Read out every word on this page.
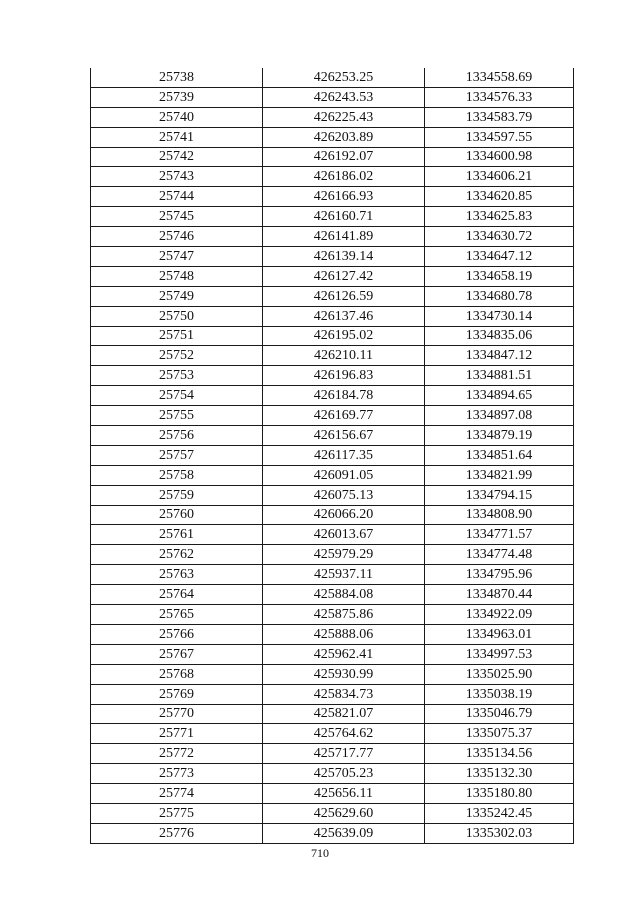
25738	426253.25	1334558.69
25739	426243.53	1334576.33
25740	426225.43	1334583.79
25741	426203.89	1334597.55
25742	426192.07	1334600.98
25743	426186.02	1334606.21
25744	426166.93	1334620.85
25745	426160.71	1334625.83
25746	426141.89	1334630.72
25747	426139.14	1334647.12
25748	426127.42	1334658.19
25749	426126.59	1334680.78
25750	426137.46	1334730.14
25751	426195.02	1334835.06
25752	426210.11	1334847.12
25753	426196.83	1334881.51
25754	426184.78	1334894.65
25755	426169.77	1334897.08
25756	426156.67	1334879.19
25757	426117.35	1334851.64
25758	426091.05	1334821.99
25759	426075.13	1334794.15
25760	426066.20	1334808.90
25761	426013.67	1334771.57
25762	425979.29	1334774.48
25763	425937.11	1334795.96
25764	425884.08	1334870.44
25765	425875.86	1334922.09
25766	425888.06	1334963.01
25767	425962.41	1334997.53
25768	425930.99	1335025.90
25769	425834.73	1335038.19
25770	425821.07	1335046.79
25771	425764.62	1335075.37
25772	425717.77	1335134.56
25773	425705.23	1335132.30
25774	425656.11	1335180.80
25775	425629.60	1335242.45
25776	425639.09	1335302.03
710
